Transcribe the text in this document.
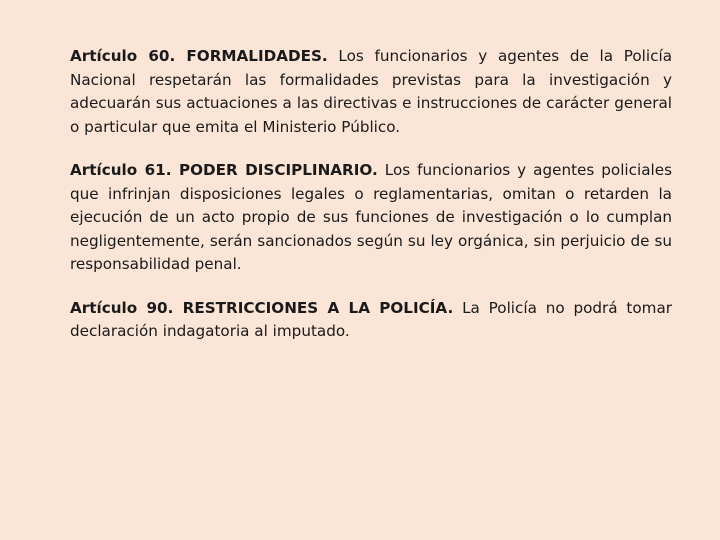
Artículo 60. FORMALIDADES. Los funcionarios y agentes de la Policía Nacional respetarán las formalidades previstas para la investigación y adecuarán sus actuaciones a las directivas e instrucciones de carácter general o particular que emita el Ministerio Público.

Artículo 61. PODER DISCIPLINARIO. Los funcionarios y agentes policiales que infrinjan disposiciones legales o reglamentarias, omitan o retarden la ejecución de un acto propio de sus funciones de investigación o lo cumplan negligentemente, serán sancionados según su ley orgánica, sin perjuicio de su responsabilidad penal.

Artículo 90. RESTRICCIONES A LA POLICÍA. La Policía no podrá tomar declaración indagatoria al imputado.
